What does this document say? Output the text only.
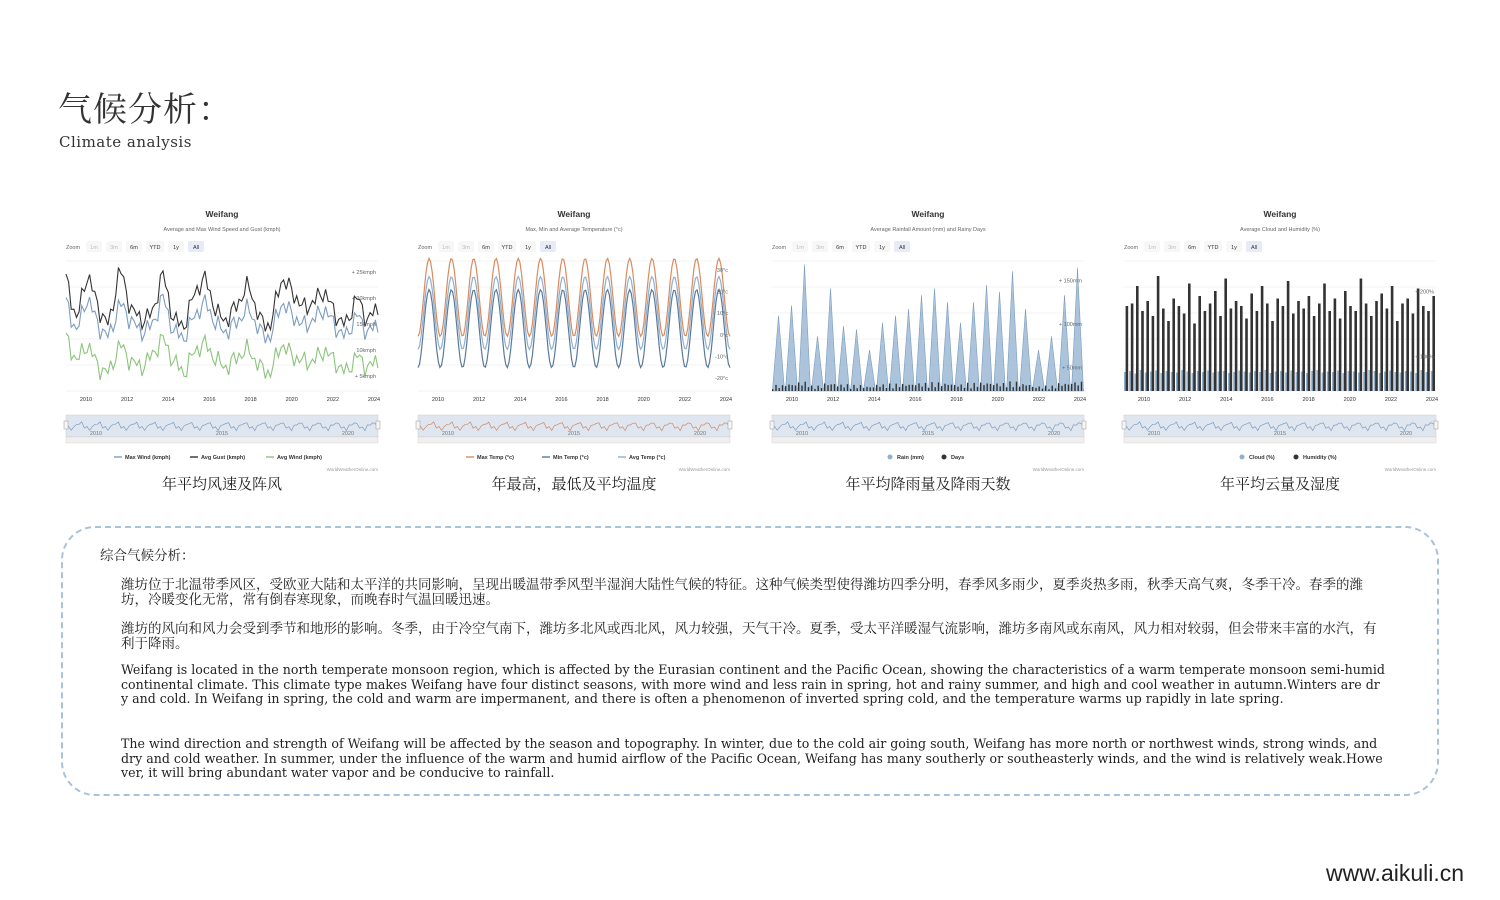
气候分析：
Climate analysis
Weifang
Average and Max Wind Speed and Gust (kmph)
Zoom 1m 3m 6m YTD 1y	All
+ 5kmph
10kmph
15kmph
+ 20kmph
+ 25kmph
2010	2012	2014	2016	2018	2020	2022	2024
2010	2015	2020
Max Wind (kmph)	Avg Gust (kmph)	Avg Wind (kmph)
WorldWeatherOnline.com
年平均风速及阵风
Weifang
Max, Min and Average Temperature (°c)
Zoom 1m 3m 6m YTD 1y	All
-20°c
-10°c
0°c
10°c
20°c
30°c
2010	2012	2014	2016	2018	2020	2022	2024
2010	2015	2020
Max Temp (°c)	Min Temp (°c)	Avg Temp (°c)
WorldWeatherOnline.com
年最高，最低及平均温度
Weifang
Average Rainfall Amount (mm) and Rainy Days
Zoom 1m 3m 6m YTD 1y	All
+ 50mm
+ 100mm
+ 150mm
2010	2012	2014	2016	2018	2020	2022	2024
2010	2015	2020
Rain (mm)	Days
WorldWeatherOnline.com
年平均降雨量及降雨天数
Weifang
Average Cloud and Humidity (%)
Zoom 1m 3m 6m YTD 1y	All
+ 100%
+ 200%
2010	2012	2014	2016	2018	2020	2022	2024
2010	2015	2020
Cloud (%)	Humidity (%)
WorldWeatherOnline.com
年平均云量及湿度
综合气候分析：
潍坊位于北温带季风区，受欧亚大陆和太平洋的共同影响，呈现出暖温带季风型半湿润大陆性气候的特征。这种气候类型使得潍坊四季分明，春季风多雨少，夏季炎热多雨，秋季天高气爽，冬季干冷。春季的潍坊，冷暖变化无常，常有倒春寒现象，而晚春时气温回暖迅速。
潍坊的风向和风力会受到季节和地形的影响。冬季，由于冷空气南下，潍坊多北风或西北风，风力较强，天气干冷。夏季，受太平洋暖湿气流影响，潍坊多南风或东南风，风力相对较弱，但会带来丰富的水汽，有利于降雨。
Weifang is located in the north temperate monsoon region, which is affected by the Eurasian continent and the Pacific Ocean, showing the characteristics of a warm temperate monsoon semi-humid continental climate. This climate type makes Weifang have four distinct seasons, with more wind and less rain in spring, hot and rainy summer, and high and cool weather in autumn.Winters are dry and cold. In Weifang in spring, the cold and warm are impermanent, and there is often a phenomenon of inverted spring cold, and the temperature warms up rapidly in late spring.
The wind direction and strength of Weifang will be affected by the season and topography. In winter, due to the cold air going south, Weifang has more north or northwest winds, strong winds, and dry and cold weather. In summer, under the influence of the warm and humid airflow of the Pacific Ocean, Weifang has many southerly or southeasterly winds, and the wind is relatively weak.However, it will bring abundant water vapor and be conducive to rainfall.
www.aikuli.cn
